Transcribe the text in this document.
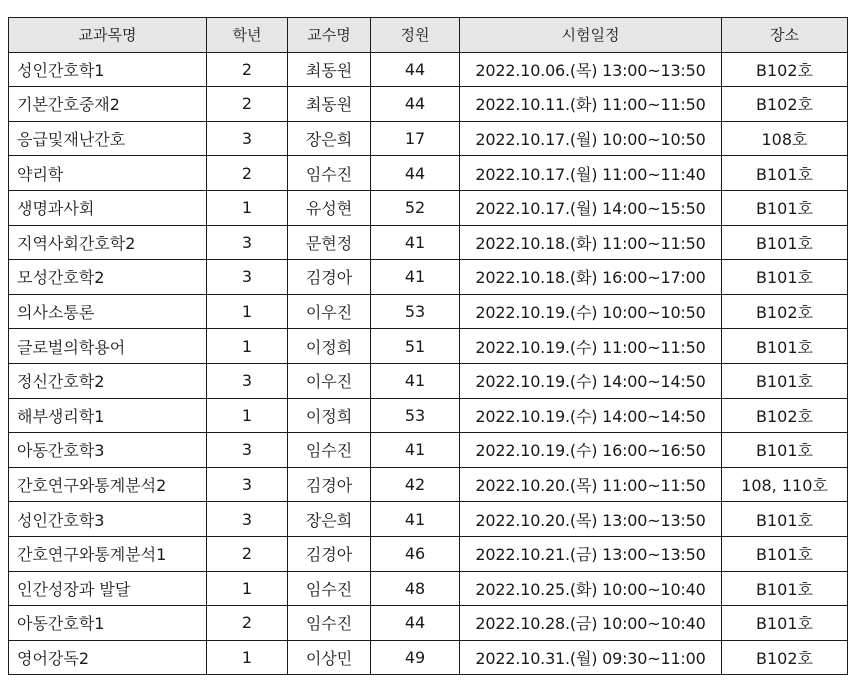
교과목명	학년	교수명	정원	시험일정	장소
성인간호학1	2	최동원	44	2022.10.06.(목) 13:00~13:50	B102호
기본간호중재2	2	최동원	44	2022.10.11.(화) 11:00~11:50	B102호
응급및재난간호	3	장은희	17	2022.10.17.(월) 10:00~10:50	108호
약리학	2	임수진	44	2022.10.17.(월) 11:00~11:40	B101호
생명과사회	1	유성현	52	2022.10.17.(월) 14:00~15:50	B101호
지역사회간호학2	3	문현정	41	2022.10.18.(화) 11:00~11:50	B101호
모성간호학2	3	김경아	41	2022.10.18.(화) 16:00~17:00	B101호
의사소통론	1	이우진	53	2022.10.19.(수) 10:00~10:50	B102호
글로벌의학용어	1	이정희	51	2022.10.19.(수) 11:00~11:50	B101호
정신간호학2	3	이우진	41	2022.10.19.(수) 14:00~14:50	B101호
해부생리학1	1	이정희	53	2022.10.19.(수) 14:00~14:50	B102호
아동간호학3	3	임수진	41	2022.10.19.(수) 16:00~16:50	B101호
간호연구와통계분석2	3	김경아	42	2022.10.20.(목) 11:00~11:50	108, 110호
성인간호학3	3	장은희	41	2022.10.20.(목) 13:00~13:50	B101호
간호연구와통계분석1	2	김경아	46	2022.10.21.(금) 13:00~13:50	B101호
인간성장과 발달	1	임수진	48	2022.10.25.(화) 10:00~10:40	B101호
아동간호학1	2	임수진	44	2022.10.28.(금) 10:00~10:40	B101호
영어강독2	1	이상민	49	2022.10.31.(월) 09:30~11:00	B102호
